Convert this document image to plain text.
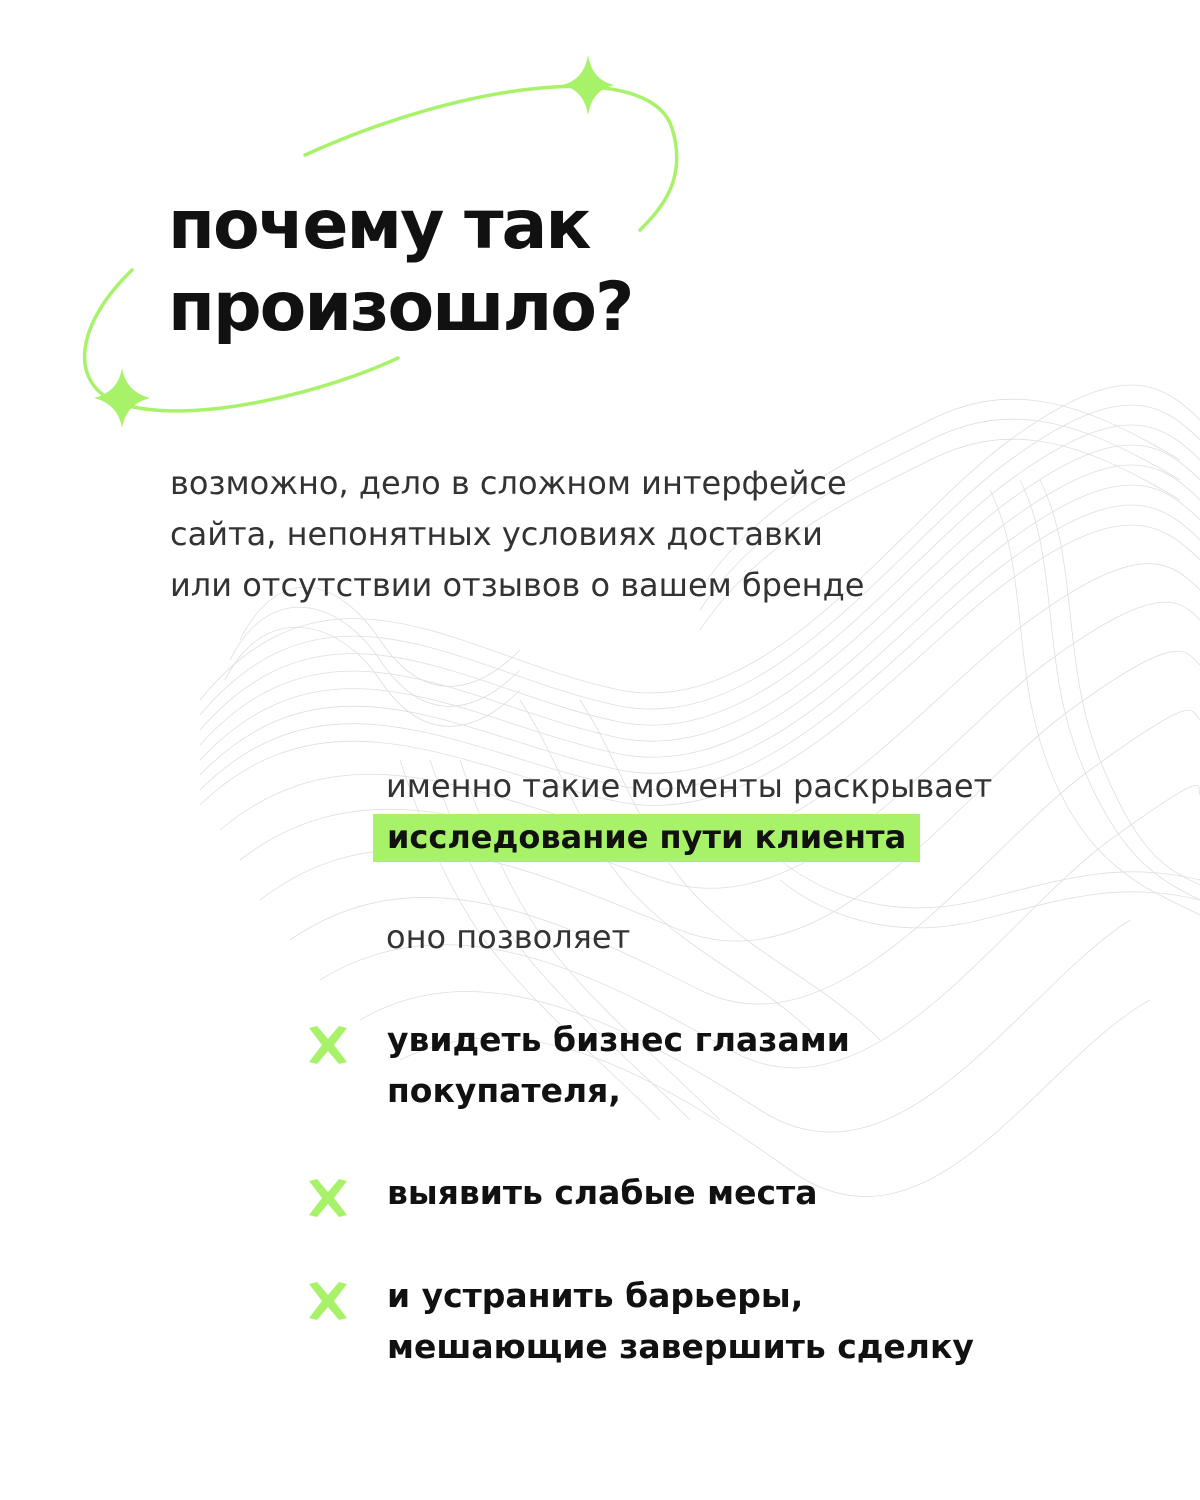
почему так
произошло?

возможно, дело в сложном интерфейсе
сайта, непонятных условиях доставки
или отсутствии отзывов о вашем бренде

именно такие моменты раскрывает

исследование пути клиента

оно позволяет

увидеть бизнес глазами
покупателя,
выявить слабые места
и устранить барьеры,
мешающие завершить сделку
